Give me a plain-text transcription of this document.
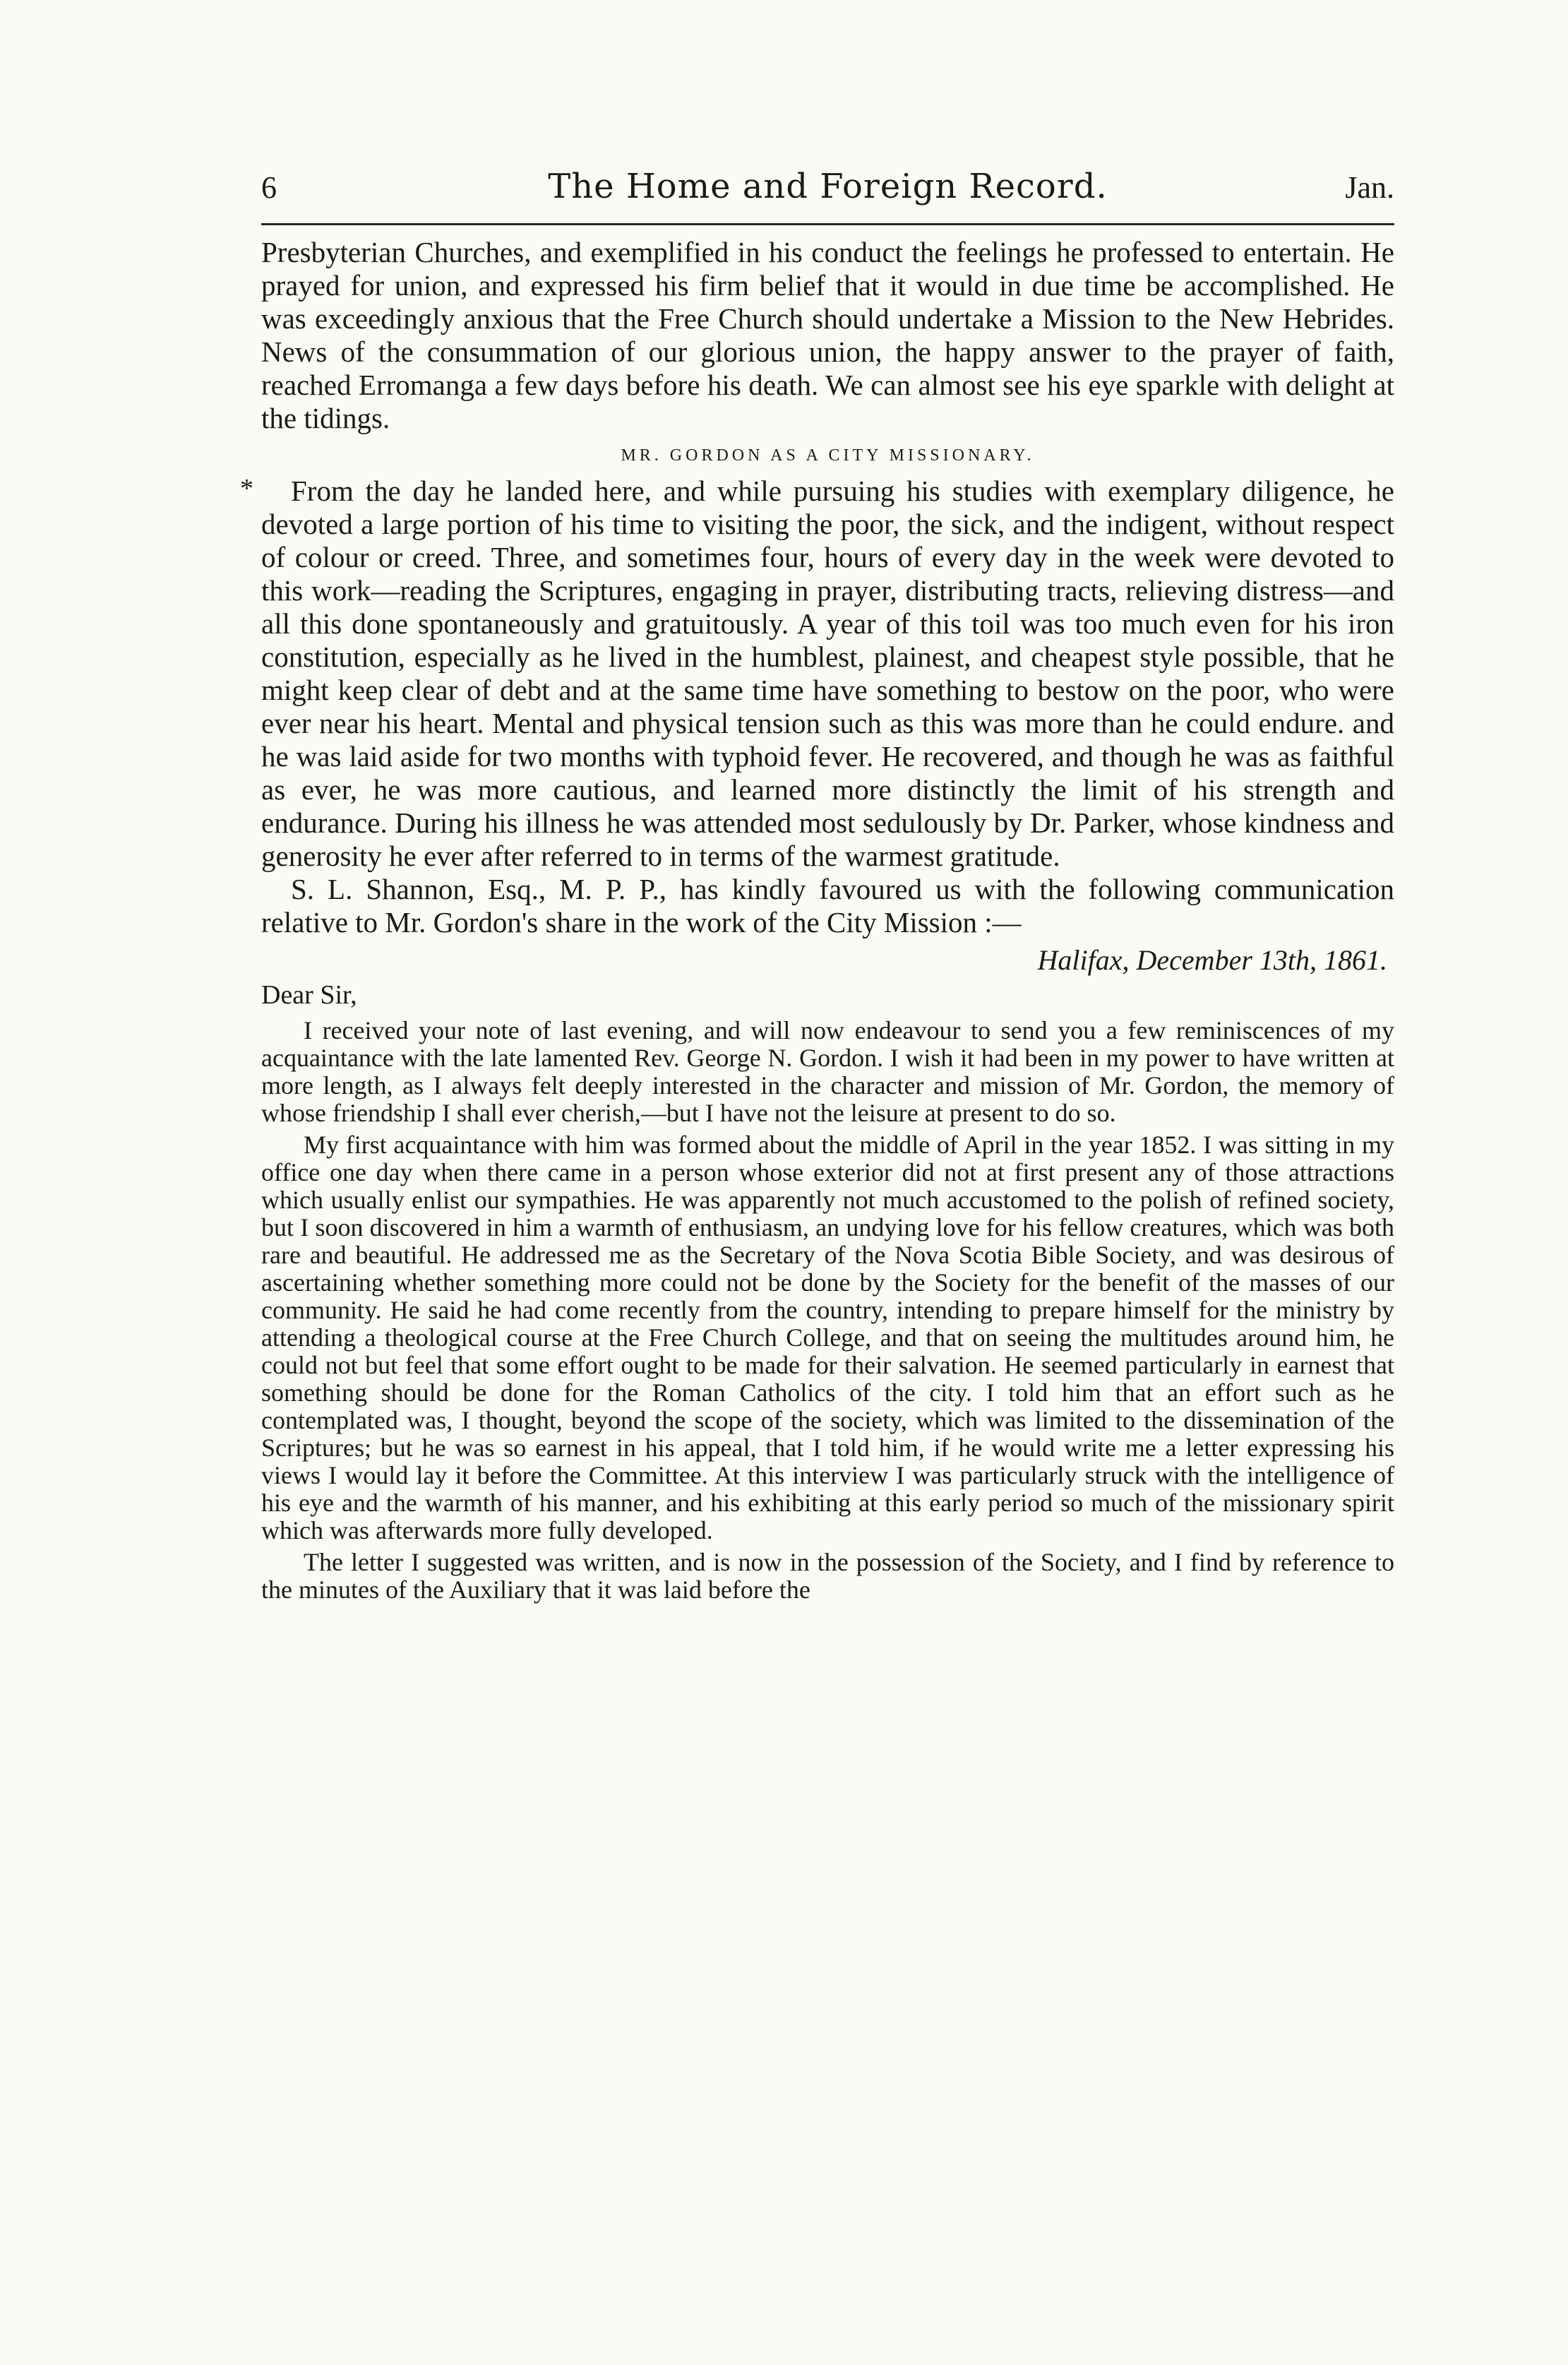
6	The Home and Foreign Record.	Jan.
*

Presbyterian Churches, and exemplified in his conduct the feelings he professed to entertain. He prayed for union, and expressed his firm belief that it would in due time be accomplished. He was exceedingly anxious that the Free Church should undertake a Mission to the New Hebrides. News of the consummation of our glorious union, the happy answer to the prayer of faith, reached Erromanga a few days before his death. We can almost see his eye sparkle with delight at the tidings.

MR. GORDON AS A CITY MISSIONARY.

From the day he landed here, and while pursuing his studies with exemplary diligence, he devoted a large portion of his time to visiting the poor, the sick, and the indigent, without respect of colour or creed. Three, and sometimes four, hours of every day in the week were devoted to this work—reading the Scriptures, engaging in prayer, distributing tracts, relieving distress—and all this done spontaneously and gratuitously. A year of this toil was too much even for his iron constitution, especially as he lived in the humblest, plainest, and cheapest style possible, that he might keep clear of debt and at the same time have something to bestow on the poor, who were ever near his heart. Mental and physical tension such as this was more than he could endure. and he was laid aside for two months with typhoid fever. He recovered, and though he was as faithful as ever, he was more cautious, and learned more distinctly the limit of his strength and endurance. During his illness he was attended most sedulously by Dr. Parker, whose kindness and generosity he ever after referred to in terms of the warmest gratitude.

S. L. Shannon, Esq., M. P. P., has kindly favoured us with the following communication relative to Mr. Gordon's share in the work of the City Mission :—

Halifax, December 13th, 1861.

Dear Sir,

I received your note of last evening, and will now endeavour to send you a few reminiscences of my acquaintance with the late lamented Rev. George N. Gordon. I wish it had been in my power to have written at more length, as I always felt deeply interested in the character and mission of Mr. Gordon, the memory of whose friendship I shall ever cherish,—but I have not the leisure at present to do so.

My first acquaintance with him was formed about the middle of April in the year 1852. I was sitting in my office one day when there came in a person whose exterior did not at first present any of those attractions which usually enlist our sympathies. He was apparently not much accustomed to the polish of refined society, but I soon discovered in him a warmth of enthusiasm, an undying love for his fellow creatures, which was both rare and beautiful. He addressed me as the Secretary of the Nova Scotia Bible Society, and was desirous of ascertaining whether something more could not be done by the Society for the benefit of the masses of our community. He said he had come recently from the country, intending to prepare himself for the ministry by attending a theological course at the Free Church College, and that on seeing the multitudes around him, he could not but feel that some effort ought to be made for their salvation. He seemed particularly in earnest that something should be done for the Roman Catholics of the city. I told him that an effort such as he contemplated was, I thought, beyond the scope of the society, which was limited to the dissemination of the Scriptures; but he was so earnest in his appeal, that I told him, if he would write me a letter expressing his views I would lay it before the Committee. At this interview I was particularly struck with the intelligence of his eye and the warmth of his manner, and his exhibiting at this early period so much of the missionary spirit which was afterwards more fully developed.

The letter I suggested was written, and is now in the possession of the Society, and I find by reference to the minutes of the Auxiliary that it was laid before the
